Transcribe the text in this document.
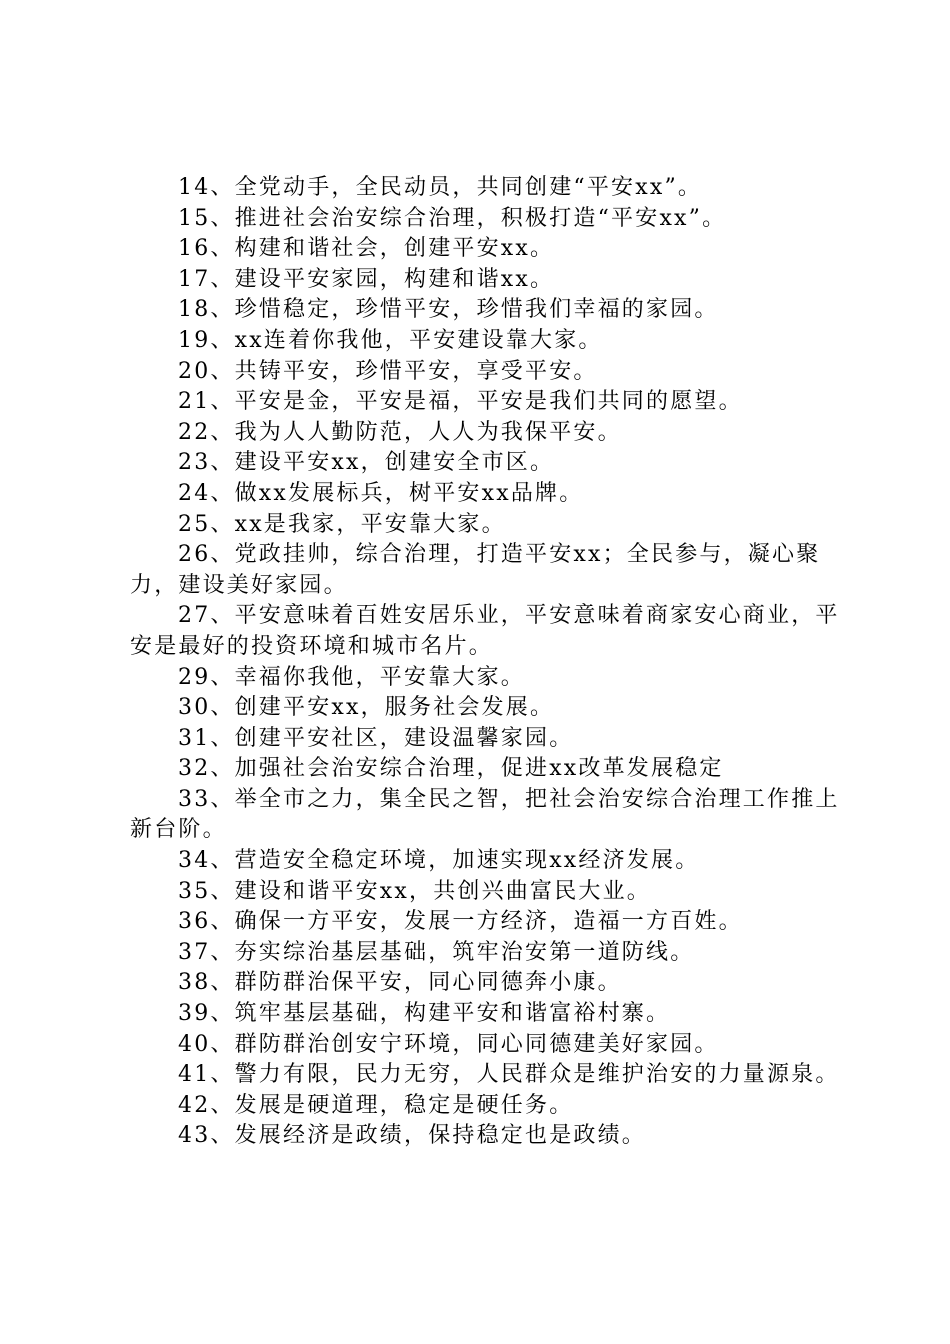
14、全党动手，全民动员，共同创建“平安xx”。

15、推进社会治安综合治理，积极打造“平安xx”。

16、构建和谐社会，创建平安xx。

17、建设平安家园，构建和谐xx。

18、珍惜稳定，珍惜平安，珍惜我们幸福的家园。

19、xx连着你我他，平安建设靠大家。

20、共铸平安，珍惜平安，享受平安。

21、平安是金，平安是福，平安是我们共同的愿望。

22、我为人人勤防范，人人为我保平安。

23、建设平安xx，创建安全市区。

24、做xx发展标兵，树平安xx品牌。

25、xx是我家，平安靠大家。

26、党政挂帅，综合治理，打造平安xx；全民参与，凝心聚力，建设美好家园。

27、平安意味着百姓安居乐业，平安意味着商家安心商业，平安是最好的投资环境和城市名片。

29、幸福你我他，平安靠大家。

30、创建平安xx，服务社会发展。

31、创建平安社区，建设温馨家园。

32、加强社会治安综合治理，促进xx改革发展稳定

33、举全市之力，集全民之智，把社会治安综合治理工作推上新台阶。

34、营造安全稳定环境，加速实现xx经济发展。

35、建设和谐平安xx，共创兴曲富民大业。

36、确保一方平安，发展一方经济，造福一方百姓。

37、夯实综治基层基础，筑牢治安第一道防线。

38、群防群治保平安，同心同德奔小康。

39、筑牢基层基础，构建平安和谐富裕村寨。

40、群防群治创安宁环境，同心同德建美好家园。

41、警力有限，民力无穷，人民群众是维护治安的力量源泉。

42、发展是硬道理，稳定是硬任务。

43、发展经济是政绩，保持稳定也是政绩。
